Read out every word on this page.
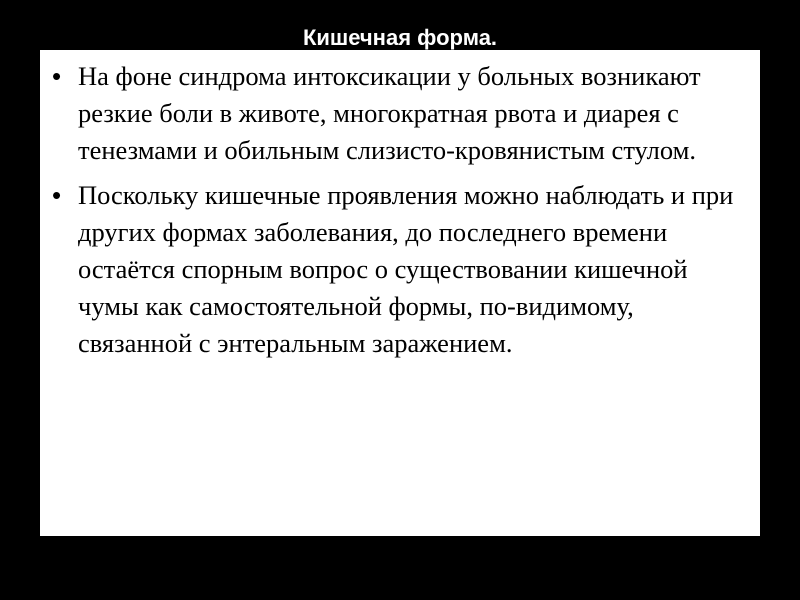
Кишечная форма.
• На фоне синдрома интоксикации у больных возникают резкие боли в животе, многократная рвота и диарея с тенезмами и обильным слизисто-кровянистым стулом.
• Поскольку кишечные проявления можно наблюдать и при других формах заболевания, до последнего времени остаётся спорным вопрос о существовании кишечной чумы как самостоятельной формы, по-видимому, связанной с энтеральным заражением.
